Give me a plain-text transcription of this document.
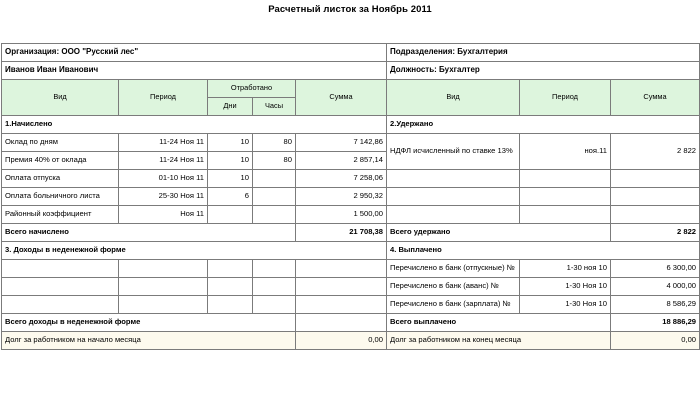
Расчетный листок за Ноябрь 2011
Организация: ООО "Русский лес"					Подразделения: Бухгалтерия		
Иванов Иван Иванович					Должность: Бухгалтер		
Вид	Период	Отработано		Сумма	Вид	Период	Сумма
		Дни	Часы				
1.Начислено					2.Удержано		
Оклад по дням	11-24 Ноя 11	10	80	7 142,86	НДФЛ исчисленный по ставке 13%	ноя.11	2 822
Премия 40% от оклада	11-24 Ноя 11	10	80	2 857,14			
Оплата отпуска	01-10 Ноя 11	10		7 258,06			
Оплата больничного листа	25-30 Ноя 11	6		2 950,32			
Районный коэффициент	Ноя 11			1 500,00			
Всего начислено				21 708,38	Всего удержано		2 822
3. Доходы в неденежной форме					4. Выплачено		
					Перечислено в банк (отпускные) №	1-30 ноя 10	6 300,00
					Перечислено в банк (аванс) №	1-30 Ноя 10	4 000,00
					Перечислено в банк (зарплата) №	1-30 Ноя 10	8 586,29
Всего доходы в неденежной форме					Всего выплачено		18 886,29
Долг за работником на начало месяца				0,00	Долг за работником на конец месяца		0,00
